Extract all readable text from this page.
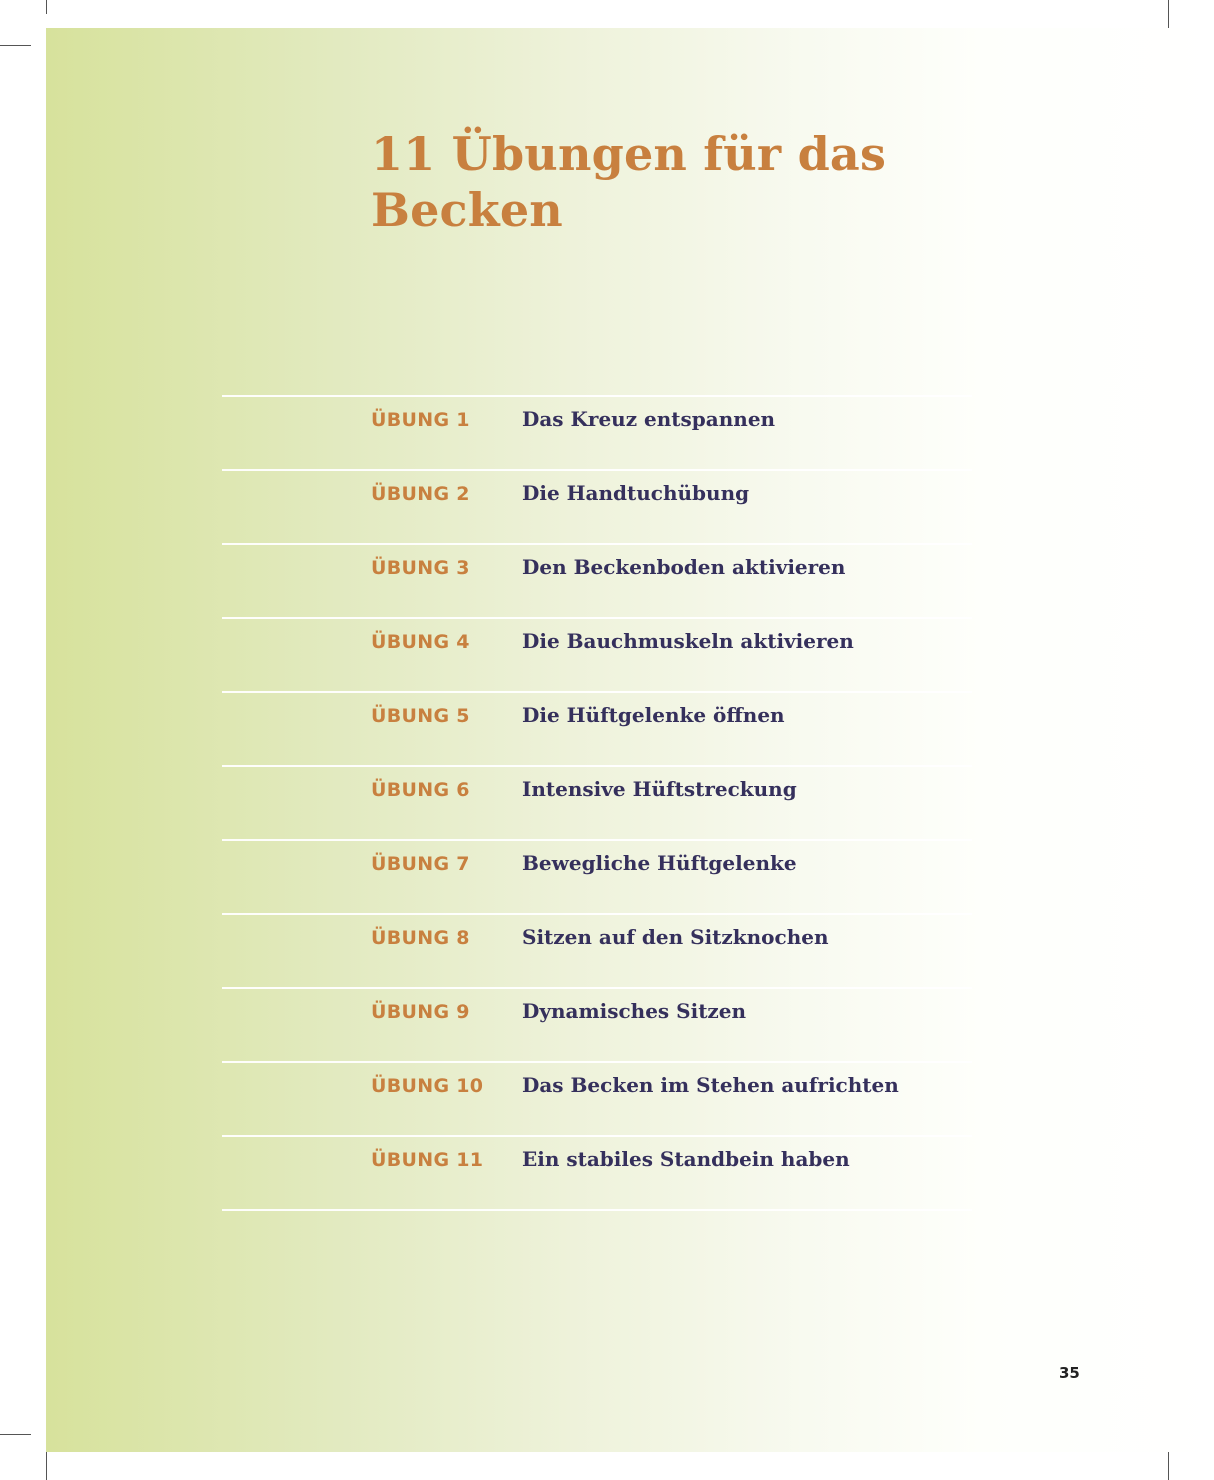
11 Übungen für das Becken
ÜBUNG 1	Das Kreuz entspannen
ÜBUNG 2	Die Handtuchübung
ÜBUNG 3	Den Beckenboden aktivieren
ÜBUNG 4	Die Bauchmuskeln aktivieren
ÜBUNG 5	Die Hüftgelenke öffnen
ÜBUNG 6	Intensive Hüftstreckung
ÜBUNG 7	Bewegliche Hüftgelenke
ÜBUNG 8	Sitzen auf den Sitzknochen
ÜBUNG 9	Dynamisches Sitzen
ÜBUNG 10 Das Becken im Stehen aufrichten
ÜBUNG 11 Ein stabiles Standbein haben
35
